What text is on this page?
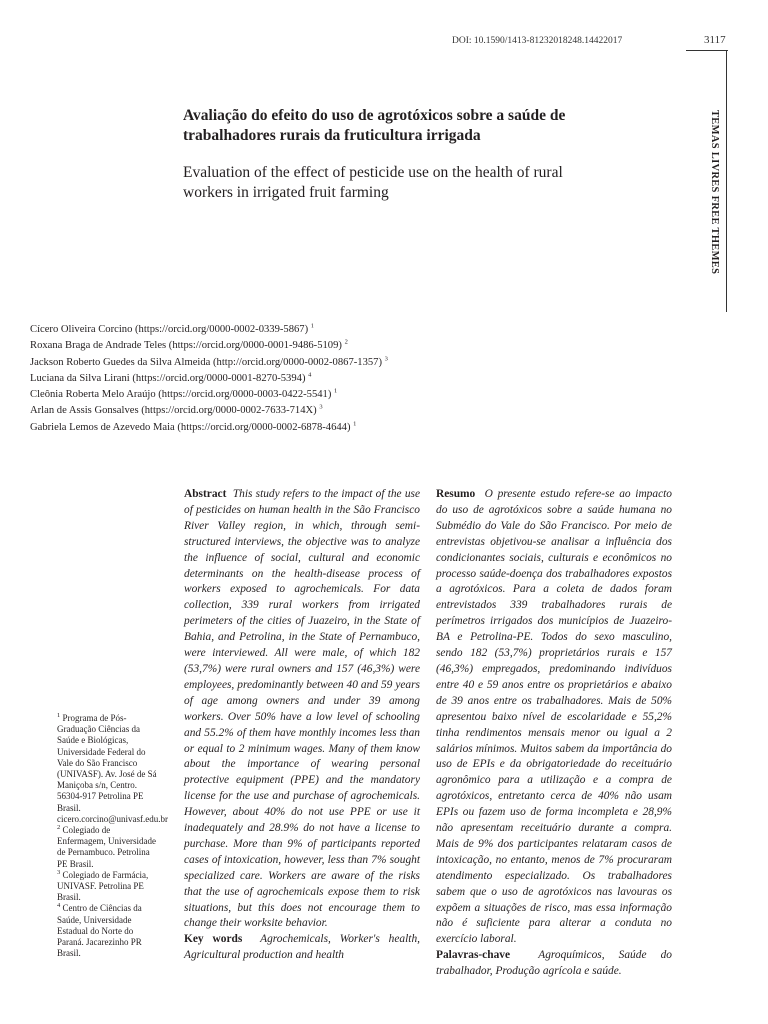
DOI: 10.1590/1413-81232018248.14422017	3117
TEMAS LIVRES FREE THEMES
Avaliação do efeito do uso de agrotóxicos sobre a saúde de
trabalhadores rurais da fruticultura irrigada
Evaluation of the effect of pesticide use on the health of rural
workers in irrigated fruit farming
Cícero Oliveira Corcino (https://orcid.org/0000-0002-0339-5867) $^1$
Roxana Braga de Andrade Teles (https://orcid.org/0000-0001-9486-5109) $^2$
Jackson Roberto Guedes da Silva Almeida (http://orcid.org/0000-0002-0867-1357) $^3$
Luciana da Silva Lirani (https://orcid.org/0000-0001-8270-5394) $^4$
Cleônia Roberta Melo Araújo (https://orcid.org/0000-0003-0422-5541) $^1$
Arlan de Assis Gonsalves (https://orcid.org/0000-0002-7633-714X) $^3$
Gabriela Lemos de Azevedo Maia (https://orcid.org/0000-0002-6878-4644) $^1$

$^1$ Programa de Pós-Graduação Ciências da Saúde e Biológicas, Universidade Federal do Vale do São Francisco (UNIVASF). Av. José de Sá Maniçoba s/n, Centro. 56304-917 Petrolina PE Brasil. cicero.corcino@univasf.edu.br

$^2$ Colegiado de Enfermagem, Universidade de Pernambuco. Petrolina PE Brasil.

$^3$ Colegiado de Farmácia, UNIVASF. Petrolina PE Brasil.

$^4$ Centro de Ciências da Saúde, Universidade Estadual do Norte do Paraná. Jacarezinho PR Brasil.

Abstract This study refers to the impact of the use of pesticides on human health in the São Francisco River Valley region, in which, through semi-structured interviews, the objective was to analyze the influence of social, cultural and economic determinants on the health-disease process of workers exposed to agrochemicals. For data collection, 339 rural workers from irrigated perimeters of the cities of Juazeiro, in the State of Bahia, and Petrolina, in the State of Pernambuco, were interviewed. All were male, of which 182 (53,7%) were rural owners and 157 (46,3%) were employees, predominantly between 40 and 59 years of age among owners and under 39 among workers. Over 50% have a low level of schooling and 55.2% of them have monthly incomes less than or equal to 2 minimum wages. Many of them know about the importance of wearing personal protective equipment (PPE) and the mandatory license for the use and purchase of agrochemicals. However, about 40% do not use PPE or use it inadequately and 28.9% do not have a license to purchase. More than 9% of participants reported cases of intoxication, however, less than 7% sought specialized care. Workers are aware of the risks that the use of agrochemicals expose them to risk situations, but this does not encourage them to change their worksite behavior.

Key words Agrochemicals, Worker's health, Agricultural production and health

Resumo O presente estudo refere-se ao impacto do uso de agrotóxicos sobre a saúde humana no Submédio do Vale do São Francisco. Por meio de entrevistas objetivou-se analisar a influência dos condicionantes sociais, culturais e econômicos no processo saúde-doença dos trabalhadores expostos a agrotóxicos. Para a coleta de dados foram entrevistados 339 trabalhadores rurais de perímetros irrigados dos municípios de Juazeiro-BA e Petrolina-PE. Todos do sexo masculino, sendo 182 (53,7%) proprietários rurais e 157 (46,3%) empregados, predominando indivíduos entre 40 e 59 anos entre os proprietários e abaixo de 39 anos entre os trabalhadores. Mais de 50% apresentou baixo nível de escolaridade e 55,2% tinha rendimentos mensais menor ou igual a 2 salários mínimos. Muitos sabem da importância do uso de EPIs e da obrigatoriedade do receituário agronômico para a utilização e a compra de agrotóxicos, entretanto cerca de 40% não usam EPIs ou fazem uso de forma incompleta e 28,9% não apresentam receituário durante a compra. Mais de 9% dos participantes relataram casos de intoxicação, no entanto, menos de 7% procuraram atendimento especializado. Os trabalhadores sabem que o uso de agrotóxicos nas lavouras os expõem a situações de risco, mas essa informação não é suficiente para alterar a conduta no exercício laboral.

Palavras-chave Agroquímicos, Saúde do trabalhador, Produção agrícola e saúde.
